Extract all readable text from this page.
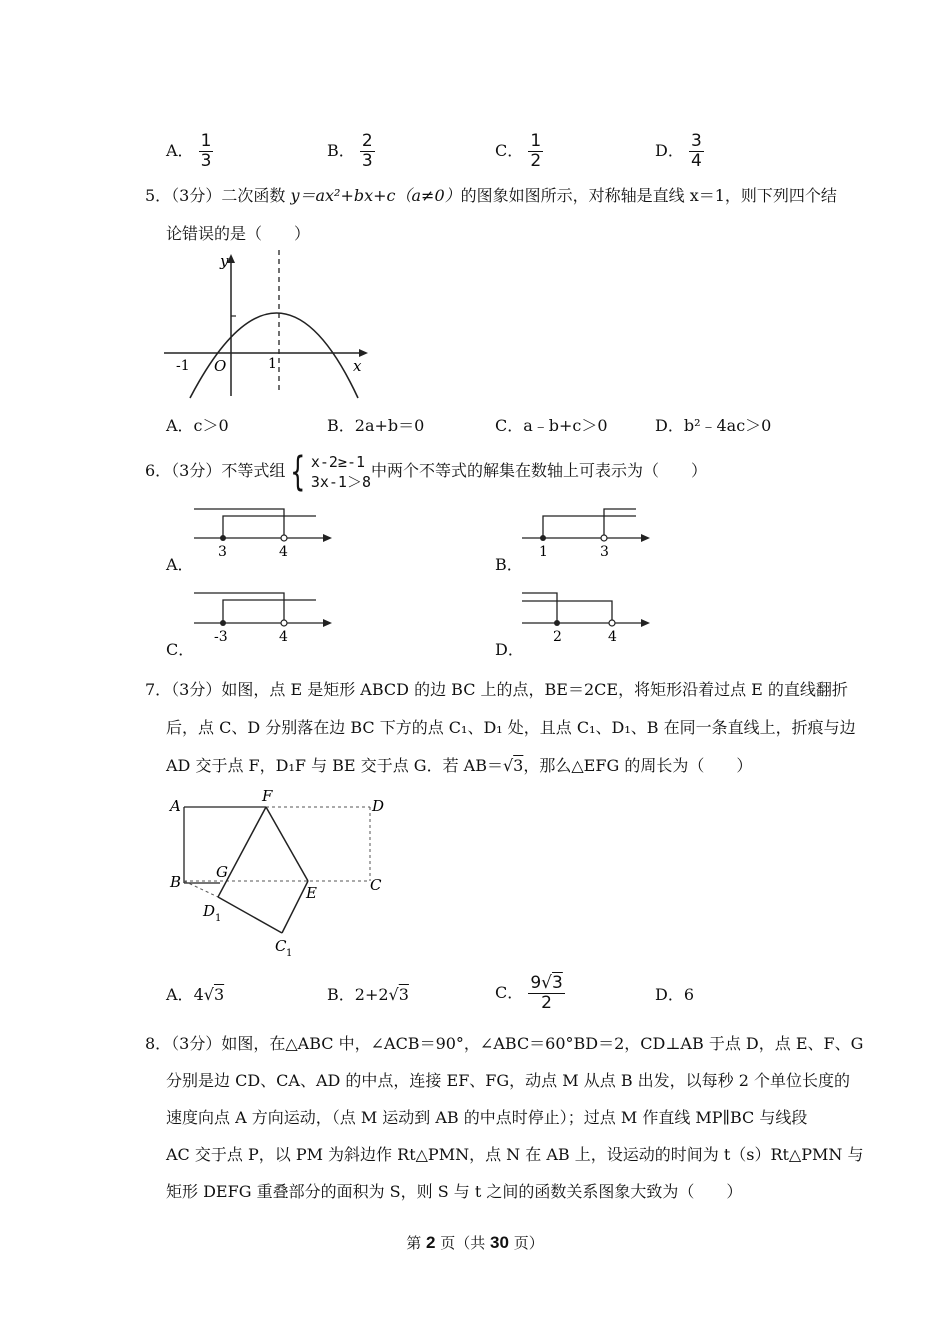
A． $\frac{1}{3}$	B． $\frac{2}{3}$	C． $\frac{1}{2}$	D． $\frac{3}{4}$
5．（3分）二次函数 y＝ax²+bx+c（a≠0）的图象如图所示，对称轴是直线 x＝1，则下列四个结
论错误的是（　　）
y
x
O
-1	1
A．c＞0	B．2a+b＝0	C．a﹣b+c＞0	D．b²﹣4ac＞0
6．（3分）不等式组 { x-2≥-1
3x-1＞8
中两个不等式的解集在数轴上可表示为（　　）
3	4
A．
1	3
B．
-3	4
C．
2	4
D．
7．（3分）如图，点 E 是矩形 ABCD 的边 BC 上的点，BE＝2CE，将矩形沿着过点 E 的直线翻折
后，点 C、D 分别落在边 BC 下方的点 C₁、D₁ 处，且点 C₁、D₁、B 在同一条直线上，折痕与边
AD 交于点 F，D₁F 与 BE 交于点 G．若 AB＝√3，那么△EFG 的周长为（　　）
A
F
D
G
B
E	C
D 1
C 1
A．4√3	B．2+2√3	C． $\frac{9√3}{2}$	D．6
8．（3分）如图，在△ABC 中，∠ACB＝90°，∠ABC＝60°BD＝2，CD⊥AB 于点 D，点 E、F、G
分别是边 CD、CA、AD 的中点，连接 EF、FG，动点 M 从点 B 出发，以每秒 2 个单位长度的
速度向点 A 方向运动，（点 M 运动到 AB 的中点时停止）；过点 M 作直线 MP∥BC 与线段
AC 交于点 P，以 PM 为斜边作 Rt△PMN，点 N 在 AB 上，设运动的时间为 t（s）Rt△PMN 与
矩形 DEFG 重叠部分的面积为 S，则 S 与 t 之间的函数关系图象大致为（　　）
第 2 页（共 30 页）
